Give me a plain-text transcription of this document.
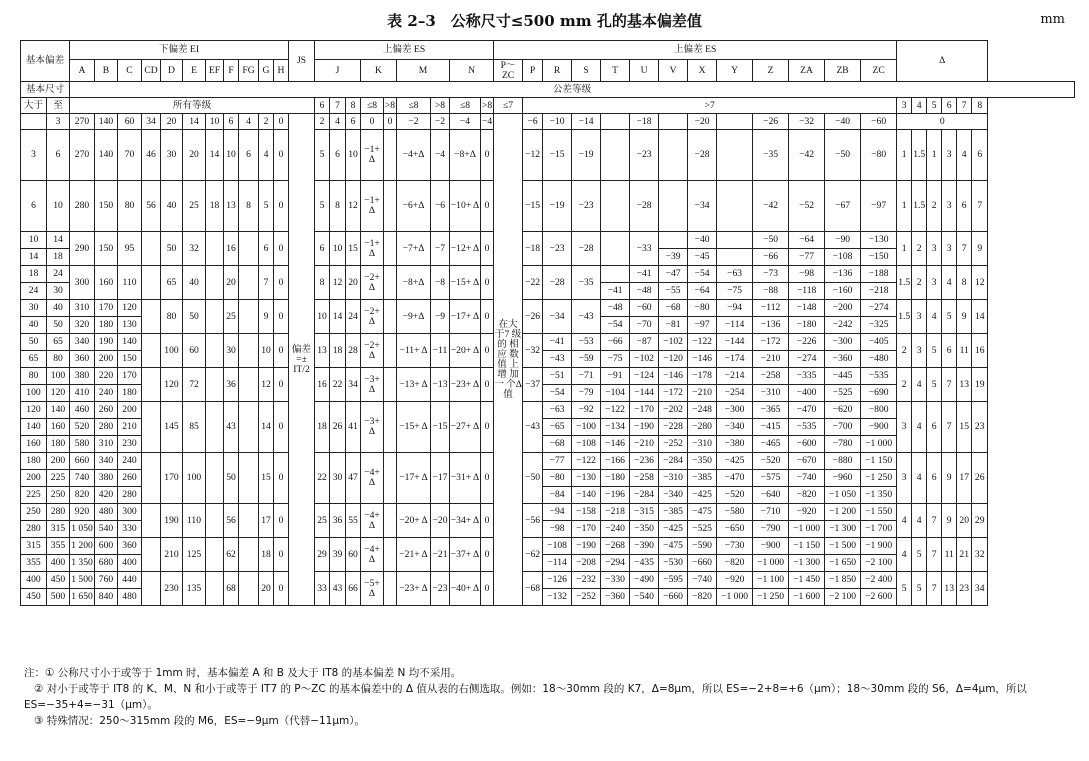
表 2–3　公称尺寸≤500 mm 孔的基本偏差值	mm
基本偏差		下偏差 EI											JS	上偏差 ES									上偏差 ES													Δ					
		A	B	C	CD	D	E	EF	F	FG	G	H		J			K		M		N		P～ ZC	P	R	S	T	U	V	X	Y	Z	ZA	ZB	ZC						
基本尺寸		公差等级																																							
大于	至	所有等级												6	7	8	≤8	>8	≤8	>8	≤8	>8	≤7	>7												3	4	5	6	7	8
	3	270	140	60	34	20	14	10	6	4	2	0	偏差 =± IT/2	2	4	6	0	0	−2	−2	−4	−4	在大 于7 级的 相应 数值 上增 加一 个Δ值	−6	−10	−14		−18		−20		−26	−32	−40	−60	0					
3	6	270	140	70	46	30	20	14	10	6	4	0		5	6	10	−1+ Δ		−4+Δ	−4	−8+Δ	0		−12	−15	−19		−23		−28		−35	−42	−50	−80	1	1.5	1	3	4	6

6	10	280	150	80	56	40	25	18	13	8	5	0		5	8	12	−1+ Δ		−6+Δ	−6	−10+ Δ	0		−15	−19	−23		−28		−34		−42	−52	−67	−97	1	1.5	2	3	6	7

10	14	290	150	95		50	32		16		6	0		6	10	15	−1+ Δ		−7+Δ	−7	−12+ Δ	0		−18	−23	−28		−33		−40		−50	−64	−90	−130	1	2	3	3	7	9
14	18																												−39	−45		−66	−77	−108	−150						
18	24	300	160	110		65	40		20		7	0		8	12	20	−2+ Δ		−8+Δ	−8	−15+ Δ	0		−22	−28	−35		−41	−47	−54	−63	−73	−98	−136	−188	1.5	2	3	4	8	12
24	30																										−41	−48	−55	−64	−75	−88	−118	−160	−218						
30	40	310	170	120		80	50		25		9	0		10	14	24	−2+ Δ		−9+Δ	−9	−17+ Δ	0		−26	−34	−43	−48	−60	−68	−80	−94	−112	−148	−200	−274	1.5	3	4	5	9	14
40	50	320	180	130																							−54	−70	−81	−97	−114	−136	−180	−242	−325						
50	65	340	190	140		100	60		30		10	0		13	18	28	−2+ Δ		−11+ Δ	−11	−20+ Δ	0		−32	−41	−53	−66	−87	−102	−122	−144	−172	−226	−300	−405	2	3	5	6	11	16
65	80	360	200	150																					−43	−59	−75	−102	−120	−146	−174	−210	−274	−360	−480						
80	100	380	220	170		120	72		36		12	0		16	22	34	−3+ Δ		−13+ Δ	−13	−23+ Δ	0		−37	−51	−71	−91	−124	−146	−178	−214	−258	−335	−445	−535	2	4	5	7	13	19
100	120	410	240	180																					−54	−79	−104	−144	−172	−210	−254	−310	−400	−525	−690						
120	140	460	260	200		145	85		43		14	0		18	26	41	−3+ Δ		−15+ Δ	−15	−27+ Δ	0		−43	−63	−92	−122	−170	−202	−248	−300	−365	−470	−620	−800	3	4	6	7	15	23
140	160	520	280	210																					−65	−100	−134	−190	−228	−280	−340	−415	−535	−700	−900						
160	180	580	310	230																					−68	−108	−146	−210	−252	−310	−380	−465	−600	−780	−1 000						
180	200	660	340	240		170	100		50		15	0		22	30	47	−4+ Δ		−17+ Δ	−17	−31+ Δ	0		−50	−77	−122	−166	−236	−284	−350	−425	−520	−670	−880	−1 150	3	4	6	9	17	26
200	225	740	380	260																					−80	−130	−180	−258	−310	−385	−470	−575	−740	−960	−1 250						
225	250	820	420	280																					−84	−140	−196	−284	−340	−425	−520	−640	−820	−1 050	−1 350						
250	280	920	480	300		190	110		56		17	0		25	36	55	−4+ Δ		−20+ Δ	−20	−34+ Δ	0		−56	−94	−158	−218	−315	−385	−475	−580	−710	−920	−1 200	−1 550	4	4	7	9	20	29
280	315	1 050	540	330																					−98	−170	−240	−350	−425	−525	−650	−790	−1 000	−1 300	−1 700						
315	355	1 200	600	360		210	125		62		18	0		29	39	60	−4+ Δ		−21+ Δ	−21	−37+ Δ	0		−62	−108	−190	−268	−390	−475	−590	−730	−900	−1 150	−1 500	−1 900	4	5	7	11	21	32
355	400	1 350	680	400																					−114	−208	−294	−435	−530	−660	−820	−1 000	−1 300	−1 650	−2 100						
400	450	1 500	760	440		230	135		68		20	0		33	43	66	−5+ Δ		−23+ Δ	−23	−40+ Δ	0		−68	−126	−232	−330	−490	−595	−740	−920	−1 100	−1 450	−1 850	−2 400	5	5	7	13	23	34
450	500	1 650	840	480																					−132	−252	−360	−540	−660	−820	−1 000	−1 250	−1 600	−2 100	−2 600						
注：① 公称尺寸小于或等于 1mm 时，基本偏差 A 和 B 及大于 IT8 的基本偏差 N 均不采用。
② 对小于或等于 IT8 的 K、M、N 和小于或等于 IT7 的 P～ZC 的基本偏差中的 Δ 值从表的右侧选取。例如：18～30mm 段的 K7，Δ=8μm，所以 ES=−2+8=+6（μm）；18～30mm 段的 S6，Δ=4μm，所以
ES=−35+4=−31（μm）。
③ 特殊情况：250～315mm 段的 M6，ES=−9μm（代替−11μm）。
